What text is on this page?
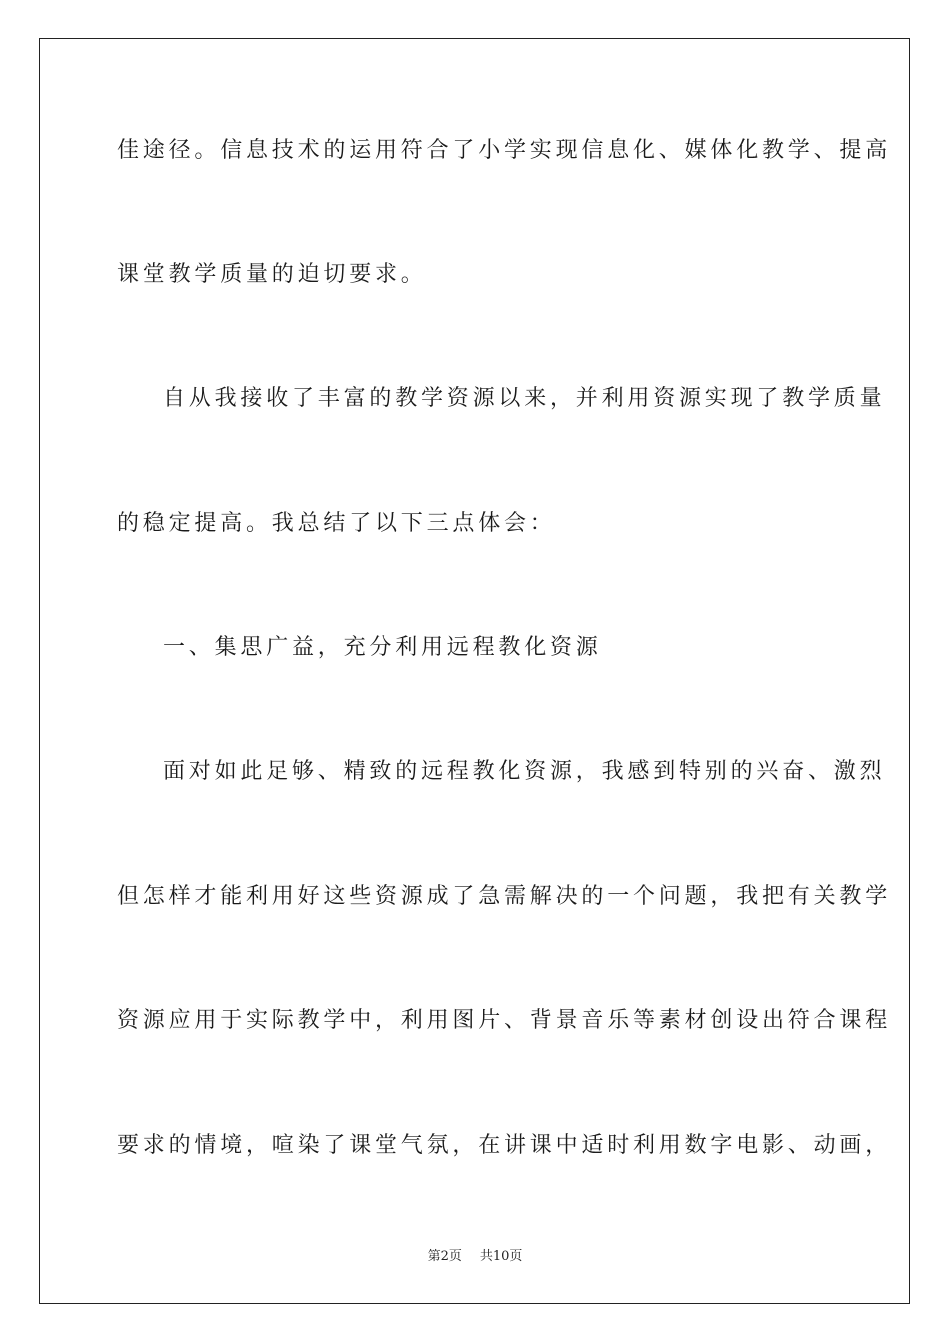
佳途径。信息技术的运用符合了小学实现信息化、媒体化教学、提高
课堂教学质量的迫切要求。
自从我接收了丰富的教学资源以来，并利用资源实现了教学质量
的稳定提高。我总结了以下三点体会：
一、集思广益，充分利用远程教化资源
面对如此足够、精致的远程教化资源，我感到特别的兴奋、激烈
但怎样才能利用好这些资源成了急需解决的一个问题，我把有关教学
资源应用于实际教学中，利用图片、背景音乐等素材创设出符合课程
要求的情境，喧染了课堂气氛，在讲课中适时利用数字电影、动画，
第2页 共10页
